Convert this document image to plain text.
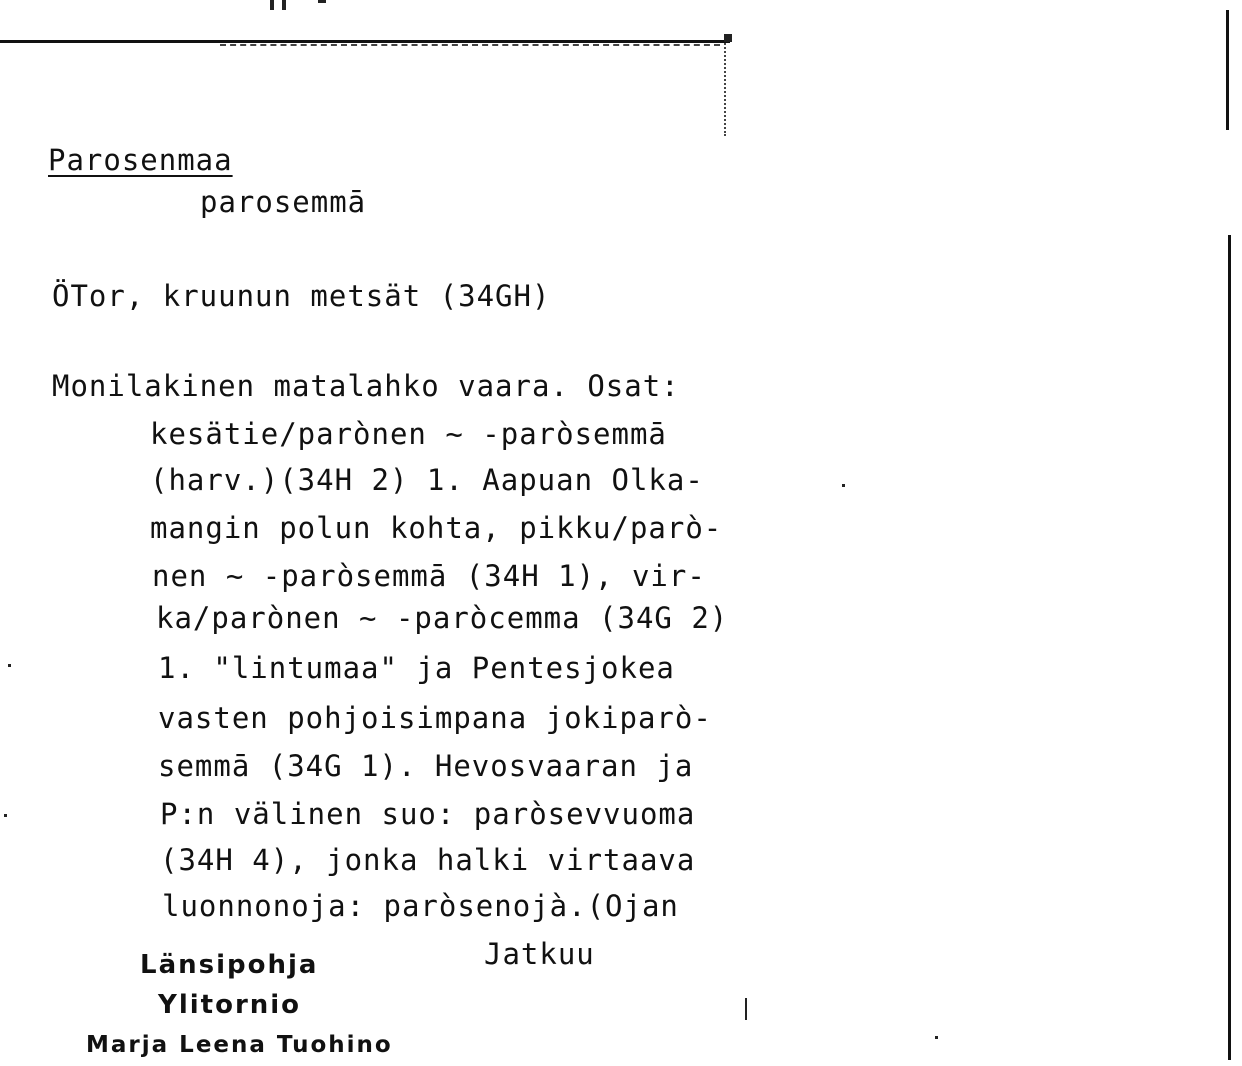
Parosenmaa
parosemmā
ÖTor, kruunun metsät (34GH)
Monilakinen matalahko vaara. Osat:
kesätie/parònen ~ -paròsemmā
(harv.)(34H 2) 1. Aapuan Olka-
mangin polun kohta, pikku/parò-
nen ~ -paròsemmā (34H 1), vir-
ka/parònen ~ -paròcemma (34G 2)
1. "lintumaa" ja Pentesjokea
vasten pohjoisimpana jokiparò-
semmā (34G 1). Hevosvaaran ja
P:n välinen suo: paròsevvuoma
(34H 4), jonka halki virtaava
luonnonoja: paròsenojà.(Ojan
Jatkuu
Länsipohja
Ylitornio
Marja Leena Tuohino
